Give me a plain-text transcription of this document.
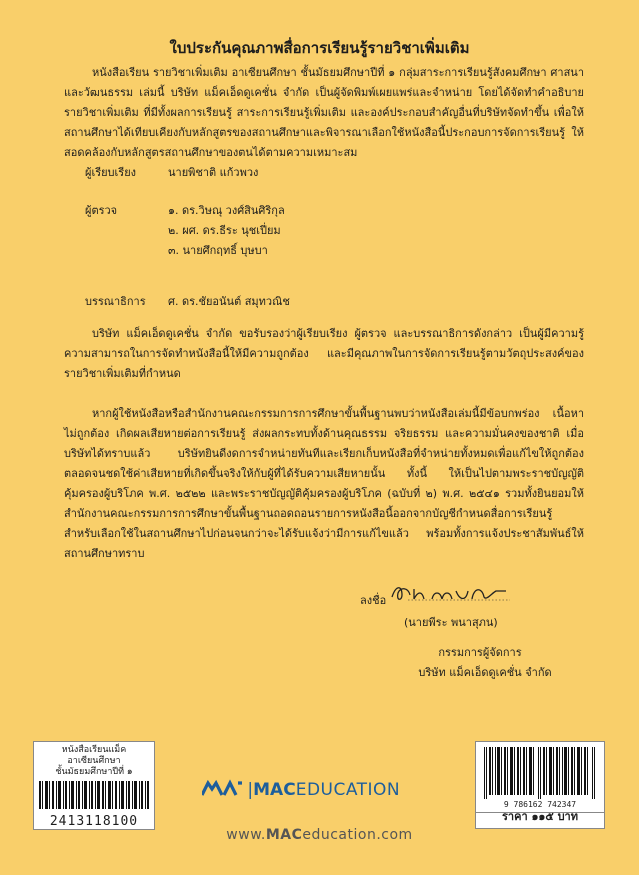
ใบประกันคุณภาพสื่อการเรียนรู้รายวิชาเพิ่มเติม
หนังสือเรียน รายวิชาเพิ่มเติม อาเซียนศึกษา ชั้นมัธยมศึกษาปีที่ ๑ กลุ่มสาระการเรียนรู้สังคมศึกษา ศาสนาและวัฒนธรรม เล่มนี้ บริษัท แม็คเอ็ดดูเคชั่น จำกัด เป็นผู้จัดพิมพ์เผยแพร่และจำหน่าย โดยได้จัดทำคำอธิบายรายวิชาเพิ่มเติม ที่มีทั้งผลการเรียนรู้ สาระการเรียนรู้เพิ่มเติม และองค์ประกอบสำคัญอื่นที่บริษัทจัดทำขึ้น เพื่อให้สถานศึกษาได้เทียบเคียงกับหลักสูตรของสถานศึกษาและพิจารณาเลือกใช้หนังสือนี้ประกอบการจัดการเรียนรู้ ให้สอดคล้องกับหลักสูตรสถานศึกษาของตนได้ตามความเหมาะสม
ผู้เรียบเรียง	นายพิชาติ แก้วพวง
ผู้ตรวจ	๑. ดร.วิษณุ วงศ์สินศิริกุล
๒. ผศ. ดร.ธีระ นุชเปี่ยม
๓. นายศึกฤทธิ์ บุษบา
บรรณาธิการ ศ. ดร.ชัยอนันต์ สมุทวณิช
บริษัท แม็คเอ็ดดูเคชั่น จำกัด ขอรับรองว่าผู้เรียบเรียง ผู้ตรวจ และบรรณาธิการดังกล่าว เป็นผู้มีความรู้ความสามารถในการจัดทำหนังสือนี้ให้มีความถูกต้อง และมีคุณภาพในการจัดการเรียนรู้ตามวัตถุประสงค์ของรายวิชาเพิ่มเติมที่กำหนด
หากผู้ใช้หนังสือหรือสำนักงานคณะกรรมการการศึกษาขั้นพื้นฐานพบว่าหนังสือเล่มนี้มีข้อบกพร่อง เนื้อหาไม่ถูกต้อง เกิดผลเสียหายต่อการเรียนรู้ ส่งผลกระทบทั้งด้านคุณธรรม จริยธรรม และความมั่นคงของชาติ เมื่อบริษัทได้ทราบแล้ว บริษัทยินดีงดการจำหน่ายทันทีและเรียกเก็บหนังสือที่จำหน่ายทั้งหมดเพื่อแก้ไขให้ถูกต้อง ตลอดจนชดใช้ค่าเสียหายที่เกิดขึ้นจริงให้กับผู้ที่ได้รับความเสียหายนั้น ทั้งนี้ ให้เป็นไปตามพระราชบัญญัติคุ้มครองผู้บริโภค พ.ศ. ๒๕๒๒ และพระราชบัญญัติคุ้มครองผู้บริโภค (ฉบับที่ ๒) พ.ศ. ๒๕๔๑ รวมทั้งยินยอมให้สำนักงานคณะกรรมการการศึกษาขั้นพื้นฐานถอดถอนรายการหนังสือนี้ออกจากบัญชีกำหนดสื่อการเรียนรู้สำหรับเลือกใช้ในสถานศึกษาไปก่อนจนกว่าจะได้รับแจ้งว่ามีการแก้ไขแล้ว พร้อมทั้งการแจ้งประชาสัมพันธ์ให้สถานศึกษาทราบ
ลงชื่อ
(นายพีระ พนาสุภน)
กรรมการผู้จัดการ
บริษัท แม็คเอ็ดดูเคชั่น จำกัด
หนังสือเรียนแม็ค
อาเซียนศึกษา
ชั้นมัธยมศึกษาปีที่ ๑
2413118100
|MACEDUCATION
www.MACeducation.com
9 786162 742347
ราคา ๑๑๕ บาท
